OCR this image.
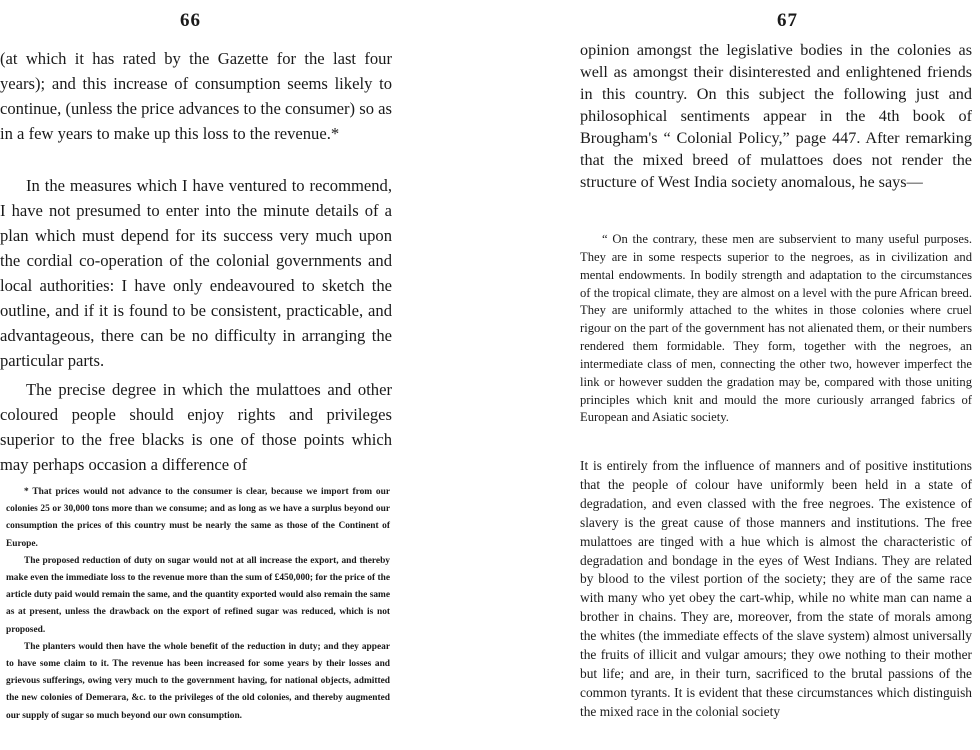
66

(at which it has rated by the Gazette for the last four years); and this increase of consumption seems likely to continue, (unless the price advances to the consumer) so as in a few years to make up this loss to the revenue.*

In the measures which I have ventured to recommend, I have not presumed to enter into the minute details of a plan which must depend for its success very much upon the cordial co-operation of the colonial governments and local authorities: I have only endeavoured to sketch the outline, and if it is found to be consistent, practicable, and advantageous, there can be no difficulty in arranging the particular parts.

The precise degree in which the mulattoes and other coloured people should enjoy rights and privileges superior to the free blacks is one of those points which may perhaps occasion a difference of

* That prices would not advance to the consumer is clear, because we import from our colonies 25 or 30,000 tons more than we consume; and as long as we have a surplus beyond our consumption the prices of this country must be nearly the same as those of the Continent of Europe.

The proposed reduction of duty on sugar would not at all increase the export, and thereby make even the immediate loss to the revenue more than the sum of £450,000; for the price of the article duty paid would remain the same, and the quantity exported would also remain the same as at present, unless the drawback on the export of refined sugar was reduced, which is not proposed.

The planters would then have the whole benefit of the reduction in duty; and they appear to have some claim to it. The revenue has been increased for some years by their losses and grievous sufferings, owing very much to the government having, for national objects, admitted the new colonies of Demerara, &c. to the privileges of the old colonies, and thereby augmented our supply of sugar so much beyond our own consumption.

67

opinion amongst the legislative bodies in the colonies as well as amongst their disinterested and enlightened friends in this country. On this subject the following just and philosophical sentiments appear in the 4th book of Brougham's “ Colonial Policy,” page 447. After remarking that the mixed breed of mulattoes does not render the structure of West India society anomalous, he says—

“ On the contrary, these men are subservient to many useful purposes. They are in some respects superior to the negroes, as in civilization and mental endowments. In bodily strength and adaptation to the circumstances of the tropical climate, they are almost on a level with the pure African breed. They are uniformly attached to the whites in those colonies where cruel rigour on the part of the government has not alienated them, or their numbers rendered them formidable. They form, together with the negroes, an intermediate class of men, connecting the other two, however imperfect the link or however sudden the gradation may be, compared with those uniting principles which knit and mould the more curiously arranged fabrics of European and Asiatic society.

It is entirely from the influence of manners and of positive institutions that the people of colour have uniformly been held in a state of degradation, and even classed with the free negroes. The existence of slavery is the great cause of those manners and institutions. The free mulattoes are tinged with a hue which is almost the characteristic of degradation and bondage in the eyes of West Indians. They are related by blood to the vilest portion of the society; they are of the same race with many who yet obey the cart-whip, while no white man can name a brother in chains. They are, moreover, from the state of morals among the whites (the immediate effects of the slave system) almost universally the fruits of illicit and vulgar amours; they owe nothing to their mother but life; and are, in their turn, sacrificed to the brutal passions of the common tyrants. It is evident that these circumstances which distinguish the mixed race in the colonial society
